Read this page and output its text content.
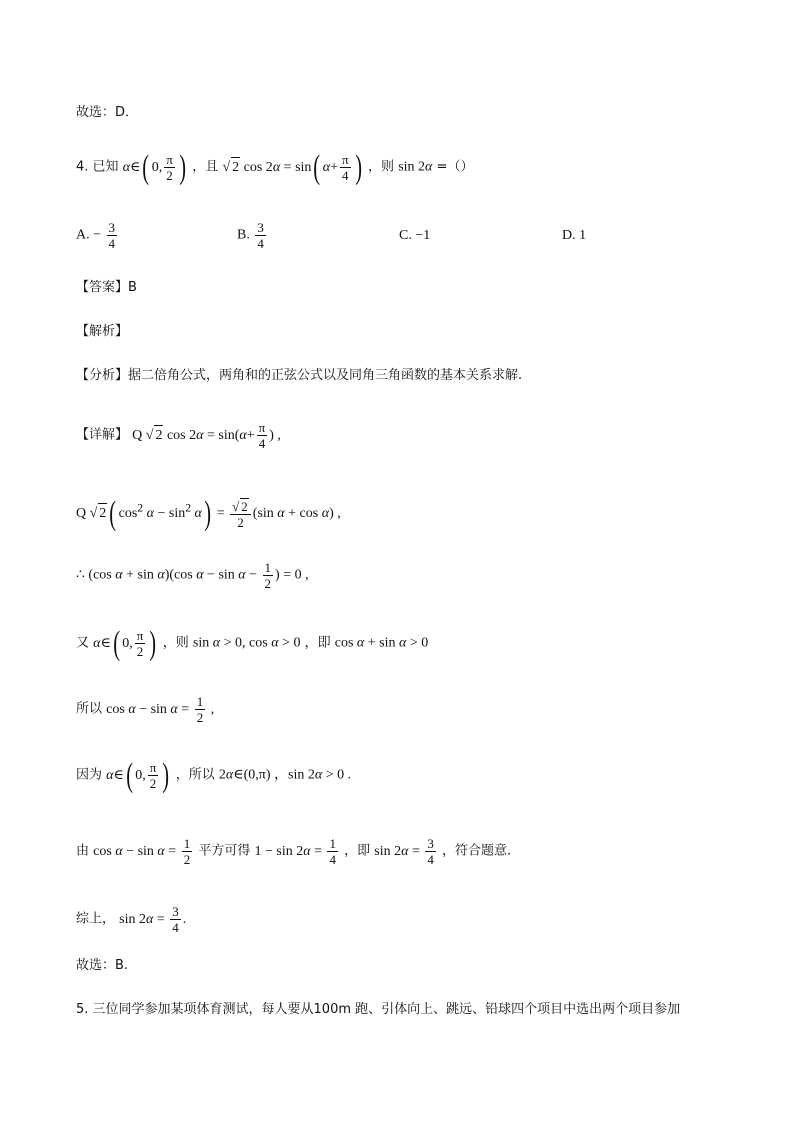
故选：D．
4. 已知 α∈( 0, $\frac{\pi}{2}$ ) ，且 √ 2 cos 2α = sin( $\alpha+ \frac{\pi}{4}$ ) ，则 sin 2α =（）
A. − $\frac{3}{4}$	B. $\frac{3}{4}$	C. −1	D. 1
【答案】B
【解析】
【分析】据二倍角公式，两角和的正弦公式以及同角三角函数的基本关系求解.
【详解】 Q √ 2 $\cos 2\alpha = \sin(\alpha+ \frac{\pi}{4}$ ) ,
Q √ 2( $\cos^2 \alpha - \sin^2 \alpha) = \frac{√ 2}{2} (\sin$ α + cos α) ,
∴ (cos α + sin α)(cos $\alpha - \sin \alpha - \frac{1}{2}$ ) = 0 ,
又 α∈( 0, $\frac{\pi}{2}$ ) ，则 sin α > 0, cos α > 0 ，即 cos α + sin α > 0
所以 $\cos \alpha - \sin \alpha = \frac{1}{2}$ ,
因为 α∈( 0, $\frac{\pi}{2}$ ) ，所以 2α∈(0,π) ，sin 2α > 0 .
由 $\cos \alpha - \sin \alpha = \frac{1}{2}$ 平方可得 $1 - \sin 2\alpha = \frac{1}{4}$ ，即 $\sin 2\alpha = \frac{3}{4}$ ，符合题意.
综上， $\sin 2\alpha = \frac{3}{4}$ .
故选：B.
5. 三位同学参加某项体育测试，每人要从100m 跑、引体向上、跳远、铅球四个项目中选出两个项目参加
